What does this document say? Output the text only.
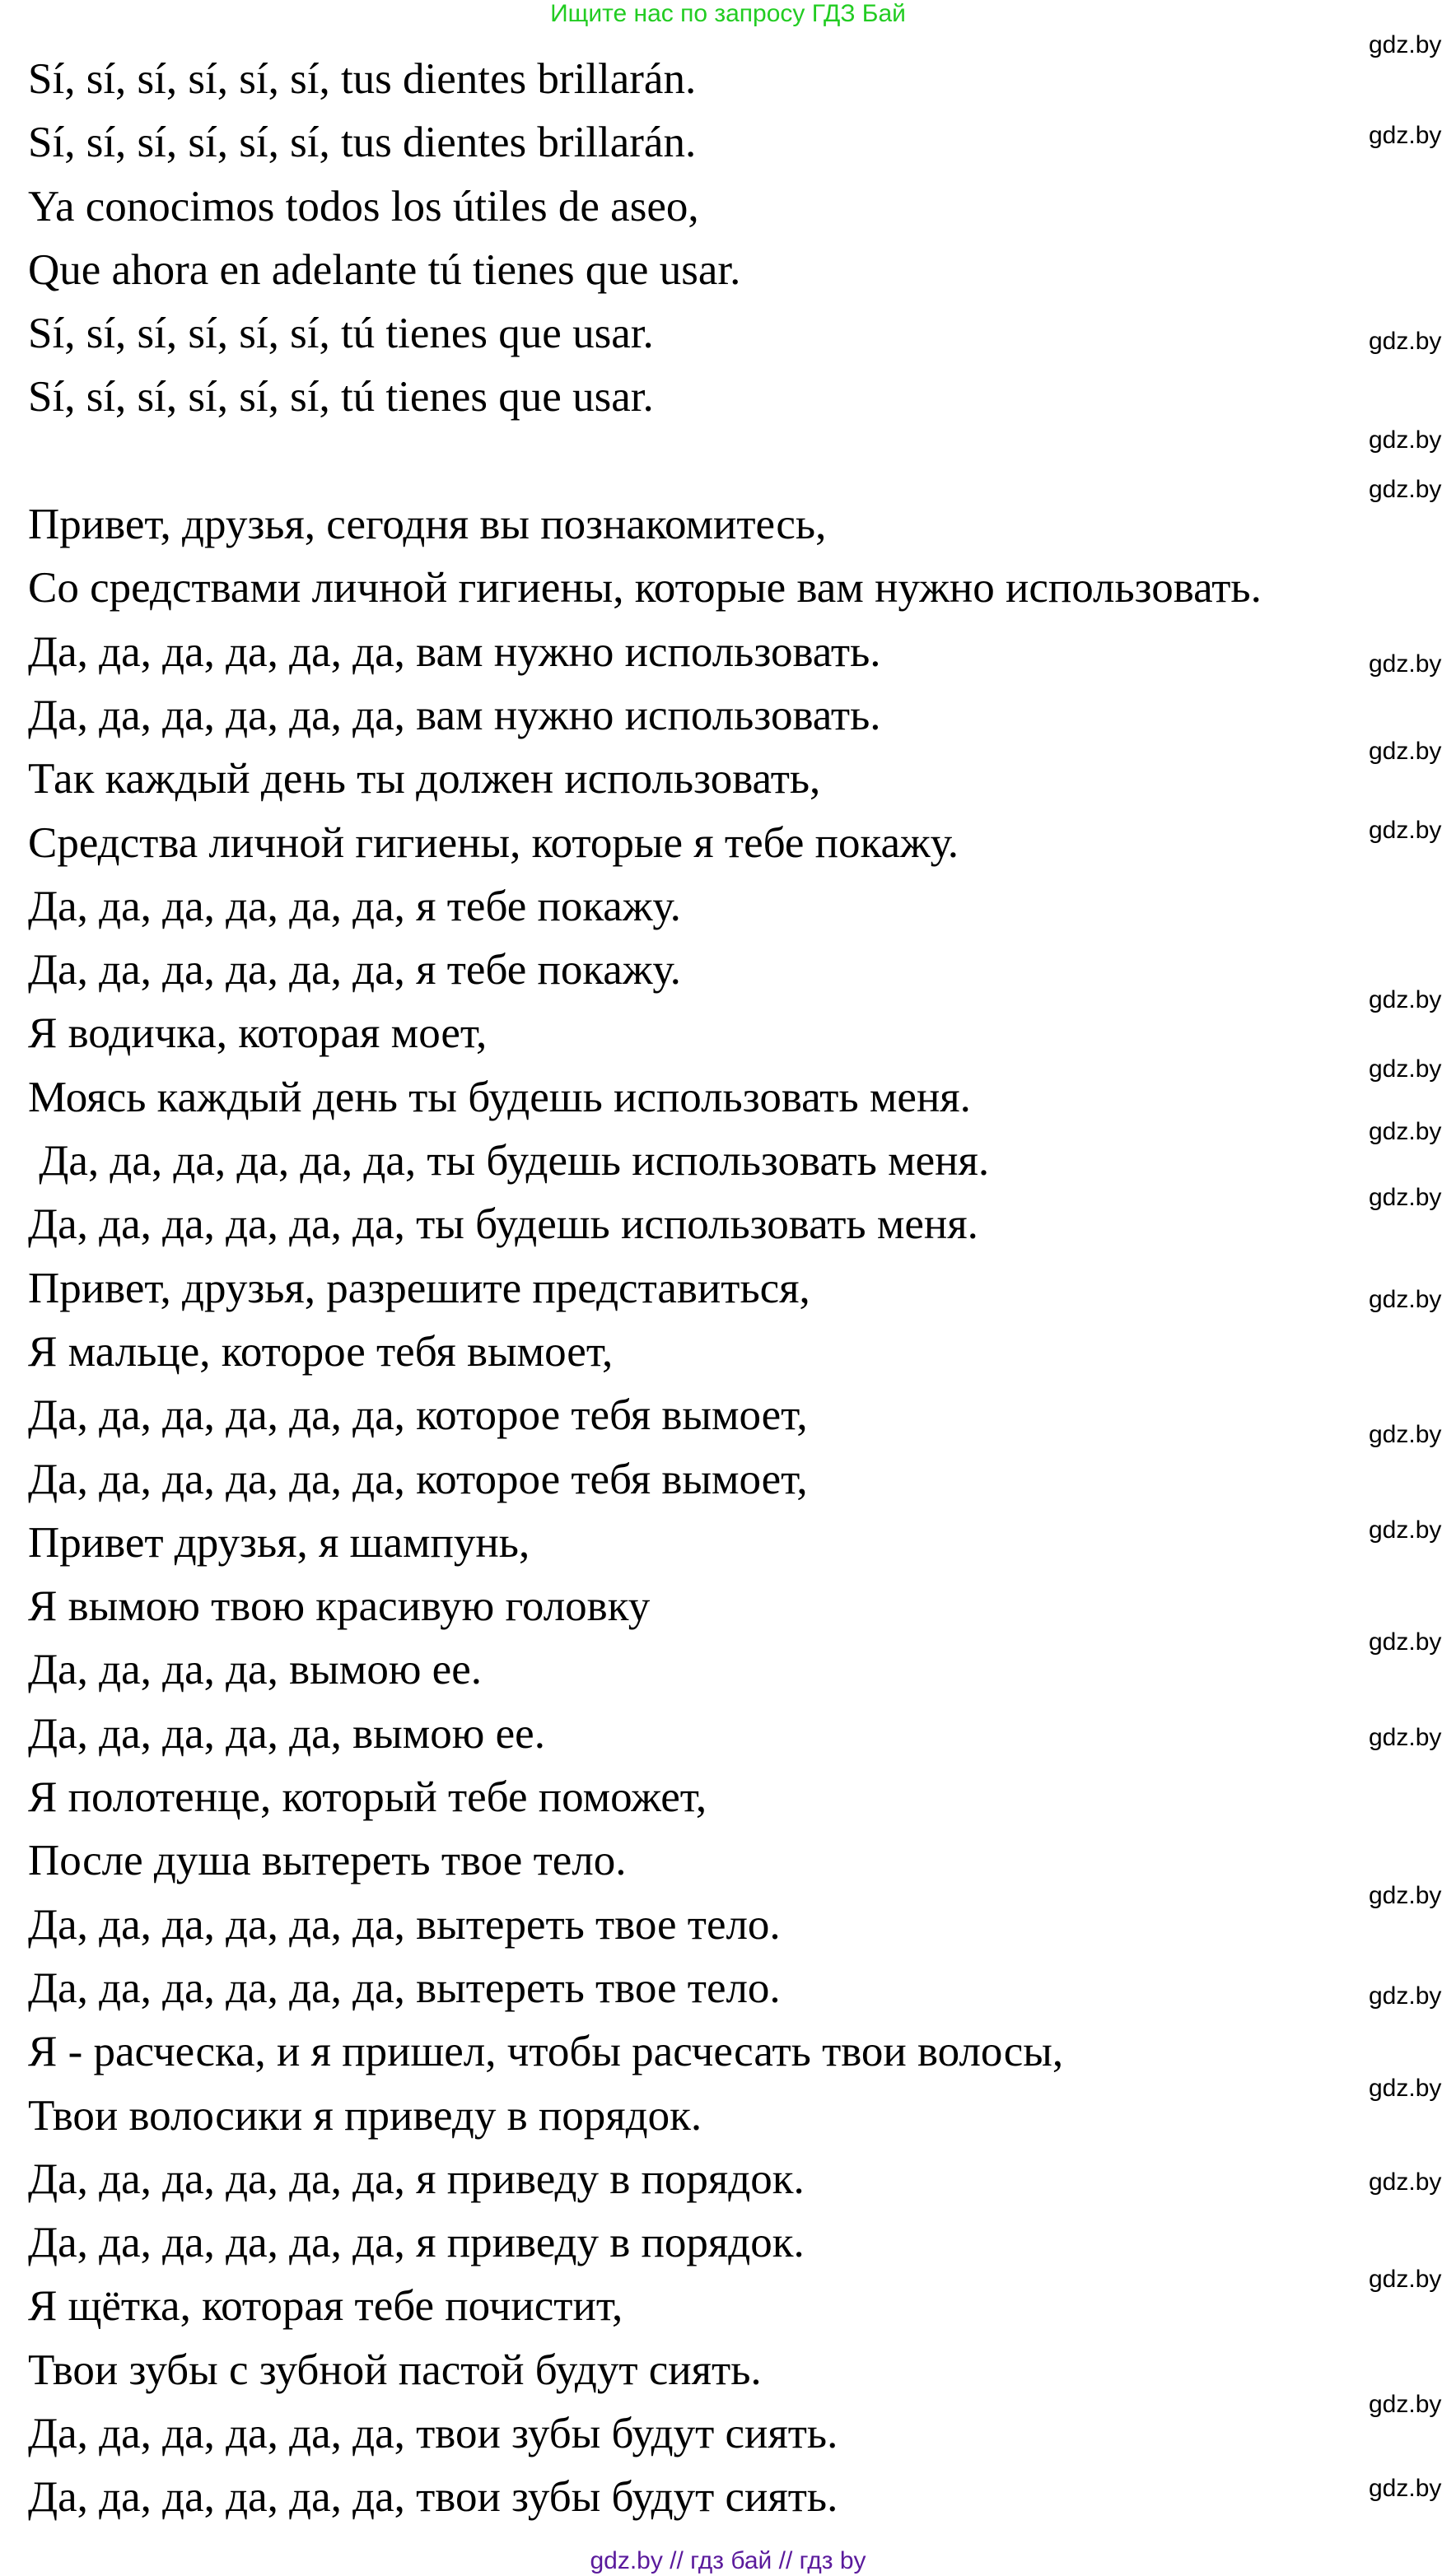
Ищите нас по запросу ГДЗ Бай
Sí, sí, sí, sí, sí, sí, tus dientes brillarán.
Sí, sí, sí, sí, sí, sí, tus dientes brillarán.
Ya conocimos todos los útiles de aseo,
Que ahora en adelante tú tienes que usar.
Sí, sí, sí, sí, sí, sí, tú tienes que usar.
Sí, sí, sí, sí, sí, sí, tú tienes que usar.
Привет, друзья, сегодня вы познакомитесь,
Со средствами личной гигиены, которые вам нужно использовать.
Да, да, да, да, да, да, вам нужно использовать.
Да, да, да, да, да, да, вам нужно использовать.
Так каждый день ты должен использовать,
Средства личной гигиены, которые я тебе покажу.
Да, да, да, да, да, да, я тебе покажу.
Да, да, да, да, да, да, я тебе покажу.
Я водичка, которая моет,
Моясь каждый день ты будешь использовать меня.
Да, да, да, да, да, да, ты будешь использовать меня.
Да, да, да, да, да, да, ты будешь использовать меня.
Привет, друзья, разрешите представиться,
Я мальце, которое тебя вымоет,
Да, да, да, да, да, да, которое тебя вымоет,
Да, да, да, да, да, да, которое тебя вымоет,
Привет друзья, я шампунь,
Я вымою твою красивую головку
Да, да, да, да, вымою ее.
Да, да, да, да, да, вымою ее.
Я полотенце, который тебе поможет,
После душа вытереть твое тело.
Да, да, да, да, да, да, вытереть твое тело.
Да, да, да, да, да, да, вытереть твое тело.
Я - расческа, и я пришел, чтобы расчесать твои волосы,
Твои волосики я приведу в порядок.
Да, да, да, да, да, да, я приведу в порядок.
Да, да, да, да, да, да, я приведу в порядок.
Я щётка, которая тебе почистит,
Твои зубы с зубной пастой будут сиять.
Да, да, да, да, да, да, твои зубы будут сиять.
Да, да, да, да, да, да, твои зубы будут сиять.
gdz.by
gdz.by
gdz.by
gdz.by
gdz.by
gdz.by
gdz.by
gdz.by
gdz.by
gdz.by
gdz.by
gdz.by
gdz.by
gdz.by
gdz.by
gdz.by
gdz.by
gdz.by
gdz.by
gdz.by
gdz.by
gdz.by
gdz.by
gdz.by
gdz.by // гдз бай // гдз by
